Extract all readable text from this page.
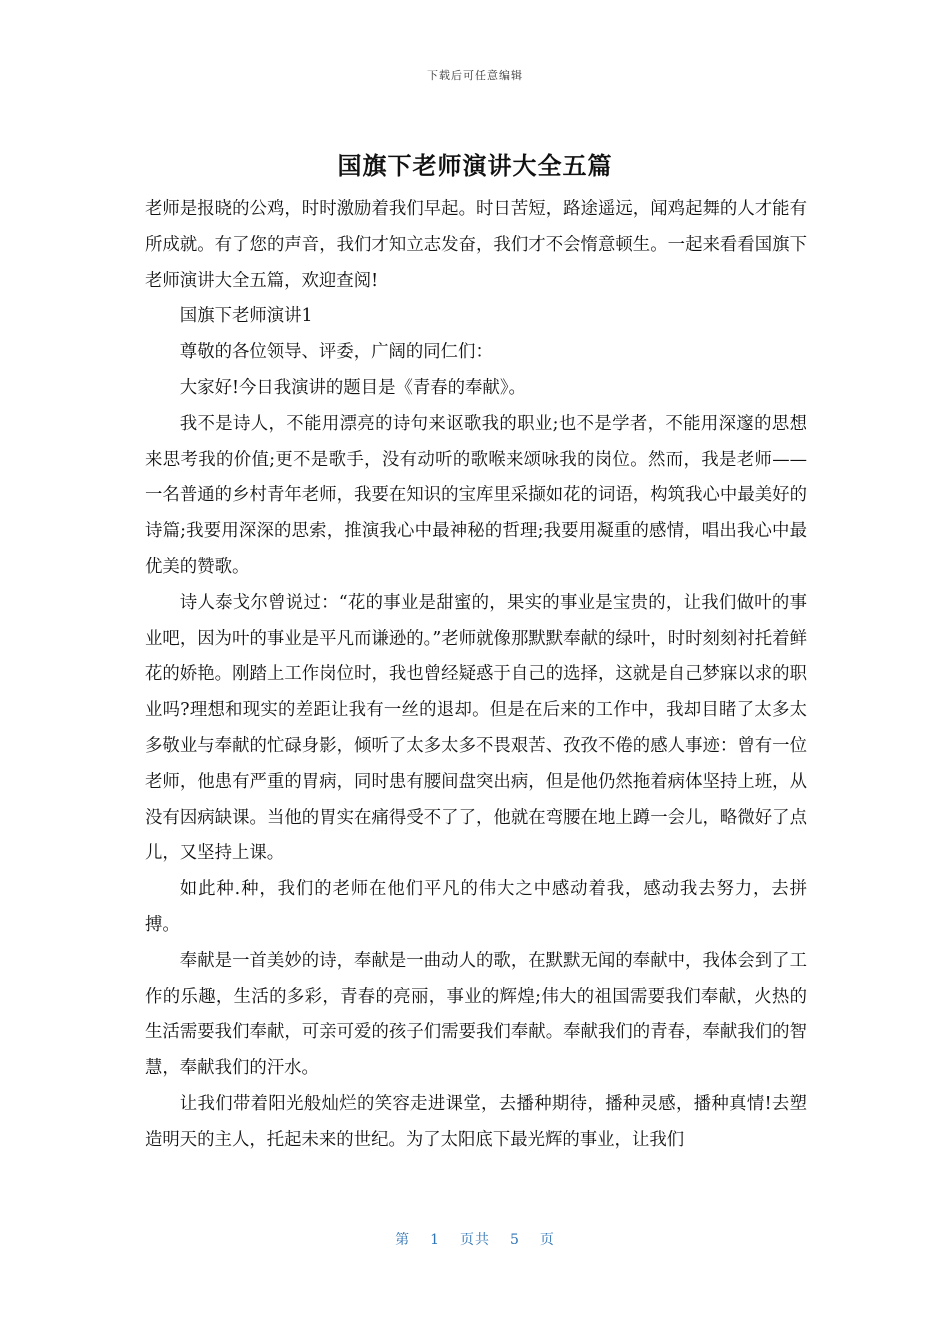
下载后可任意编辑
国旗下老师演讲大全五篇

老师是报晓的公鸡，时时激励着我们早起。时日苦短，路途遥远，闻鸡起舞的人才能有所成就。有了您的声音，我们才知立志发奋，我们才不会惰意顿生。一起来看看国旗下老师演讲大全五篇，欢迎查阅!

国旗下老师演讲1

尊敬的各位领导、评委，广阔的同仁们：

大家好!今日我演讲的题目是《青春的奉献》。

我不是诗人，不能用漂亮的诗句来讴歌我的职业;也不是学者，不能用深邃的思想来思考我的价值;更不是歌手，没有动听的歌喉来颂咏我的岗位。然而，我是老师——一名普通的乡村青年老师，我要在知识的宝库里采撷如花的词语，构筑我心中最美好的诗篇;我要用深深的思索，推演我心中最神秘的哲理;我要用凝重的感情，唱出我心中最优美的赞歌。

诗人泰戈尔曾说过：“花的事业是甜蜜的，果实的事业是宝贵的，让我们做叶的事业吧，因为叶的事业是平凡而谦逊的。”老师就像那默默奉献的绿叶，时时刻刻衬托着鲜花的娇艳。刚踏上工作岗位时，我也曾经疑惑于自己的选择，这就是自己梦寐以求的职业吗?理想和现实的差距让我有一丝的退却。但是在后来的工作中，我却目睹了太多太多敬业与奉献的忙碌身影，倾听了太多太多不畏艰苦、孜孜不倦的感人事迹：曾有一位老师，他患有严重的胃病，同时患有腰间盘突出病，但是他仍然拖着病体坚持上班，从没有因病缺课。当他的胃实在痛得受不了了，他就在弯腰在地上蹲一会儿，略微好了点儿，又坚持上课。

如此种.种，我们的老师在他们平凡的伟大之中感动着我，感动我去努力，去拼搏。

奉献是一首美妙的诗，奉献是一曲动人的歌，在默默无闻的奉献中，我体会到了工作的乐趣，生活的多彩，青春的亮丽，事业的辉煌;伟大的祖国需要我们奉献，火热的生活需要我们奉献，可亲可爱的孩子们需要我们奉献。奉献我们的青春，奉献我们的智慧，奉献我们的汗水。

让我们带着阳光般灿烂的笑容走进课堂，去播种期待，播种灵感，播种真情!去塑造明天的主人，托起未来的世纪。为了太阳底下最光辉的事业，让我们

第 1 页共 5 页
